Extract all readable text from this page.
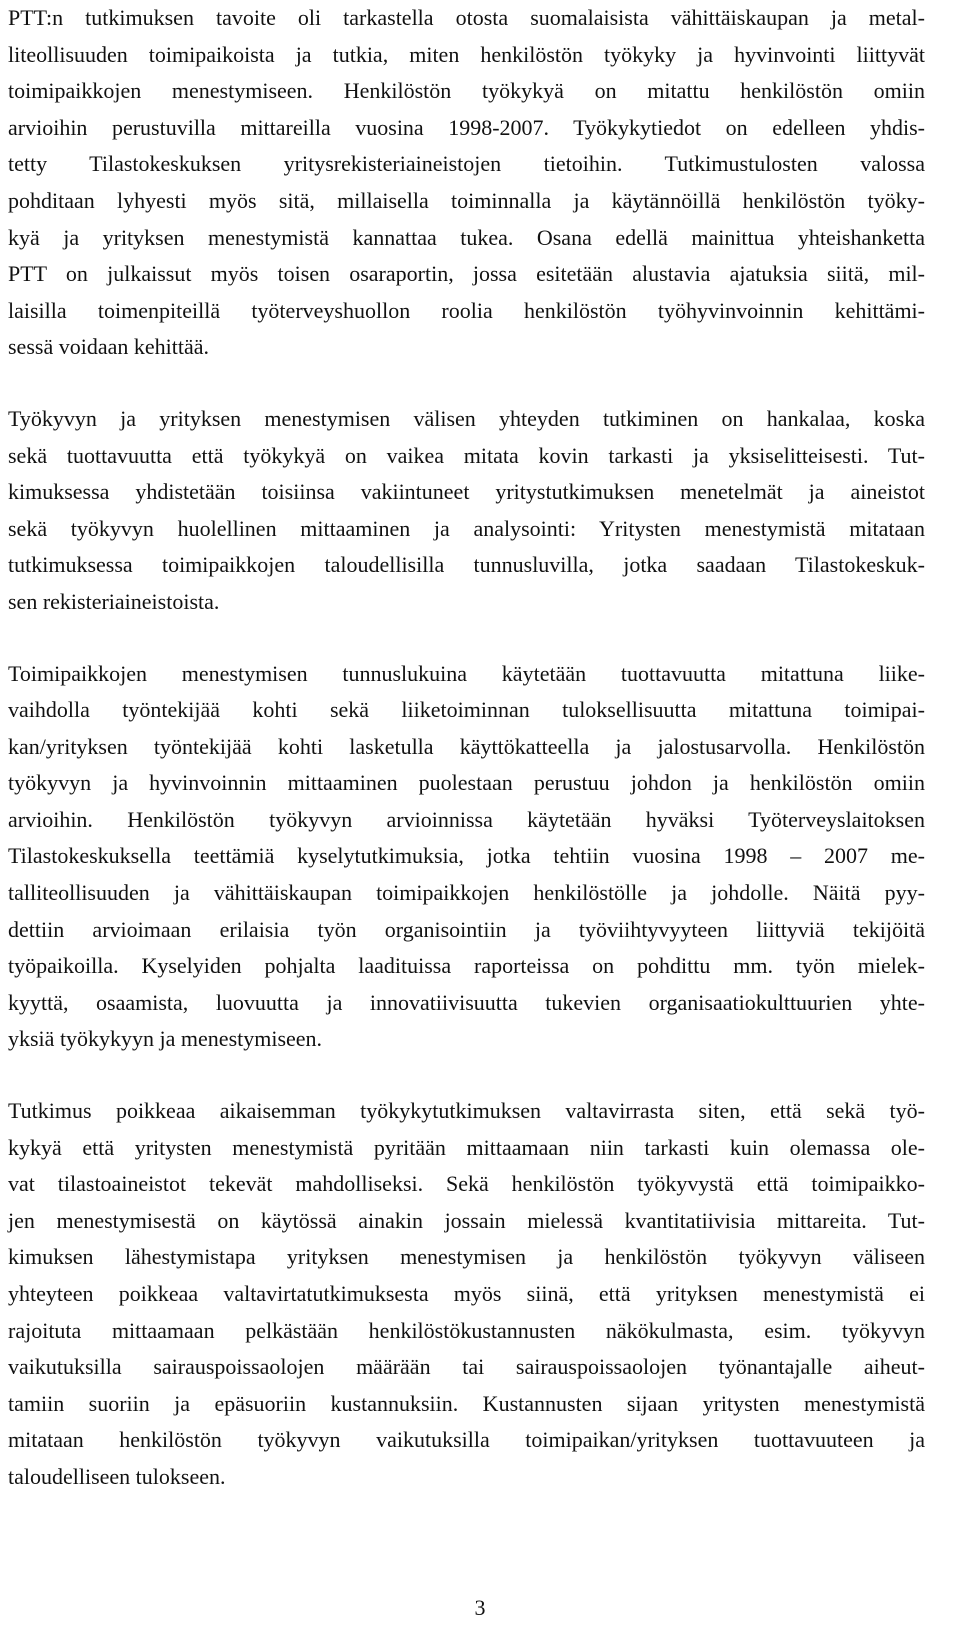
PTT:n tutkimuksen tavoite oli tarkastella otosta suomalaisista vähittäiskaupan ja metal-
liteollisuuden toimipaikoista ja tutkia, miten henkilöstön työkyky ja hyvinvointi liittyvät
toimipaikkojen menestymiseen. Henkilöstön työkykyä on mitattu henkilöstön omiin
arvioihin perustuvilla mittareilla vuosina 1998-2007. Työkykytiedot on edelleen yhdis-
tetty Tilastokeskuksen yritysrekisteriaineistojen tietoihin. Tutkimustulosten valossa
pohditaan lyhyesti myös sitä, millaisella toiminnalla ja käytännöillä henkilöstön työky-
kyä ja yrityksen menestymistä kannattaa tukea. Osana edellä mainittua yhteishanketta
PTT on julkaissut myös toisen osaraportin, jossa esitetään alustavia ajatuksia siitä, mil-
laisilla toimenpiteillä työterveyshuollon roolia henkilöstön työhyvinvoinnin kehittämi-
sessä voidaan kehittää.
Työkyvyn ja yrityksen menestymisen välisen yhteyden tutkiminen on hankalaa, koska
sekä tuottavuutta että työkykyä on vaikea mitata kovin tarkasti ja yksiselitteisesti. Tut-
kimuksessa yhdistetään toisiinsa vakiintuneet yritystutkimuksen menetelmät ja aineistot
sekä työkyvyn huolellinen mittaaminen ja analysointi: Yritysten menestymistä mitataan
tutkimuksessa toimipaikkojen taloudellisilla tunnusluvilla, jotka saadaan Tilastokeskuk-
sen rekisteriaineistoista.
Toimipaikkojen menestymisen tunnuslukuina käytetään tuottavuutta mitattuna liike-
vaihdolla työntekijää kohti sekä liiketoiminnan tuloksellisuutta mitattuna toimipai-
kan/yrityksen työntekijää kohti lasketulla käyttökatteella ja jalostusarvolla. Henkilöstön
työkyvyn ja hyvinvoinnin mittaaminen puolestaan perustuu johdon ja henkilöstön omiin
arvioihin. Henkilöstön työkyvyn arvioinnissa käytetään hyväksi Työterveyslaitoksen
Tilastokeskuksella teettämiä kyselytutkimuksia, jotka tehtiin vuosina 1998 – 2007 me-
talliteollisuuden ja vähittäiskaupan toimipaikkojen henkilöstölle ja johdolle. Näitä pyy-
dettiin arvioimaan erilaisia työn organisointiin ja työviihtyvyyteen liittyviä tekijöitä
työpaikoilla. Kyselyiden pohjalta laadituissa raporteissa on pohdittu mm. työn mielek-
kyyttä, osaamista, luovuutta ja innovatiivisuutta tukevien organisaatiokulttuurien yhte-
yksiä työkykyyn ja menestymiseen.
Tutkimus poikkeaa aikaisemman työkykytutkimuksen valtavirrasta siten, että sekä työ-
kykyä että yritysten menestymistä pyritään mittaamaan niin tarkasti kuin olemassa ole-
vat tilastoaineistot tekevät mahdolliseksi. Sekä henkilöstön työkyvystä että toimipaikko-
jen menestymisestä on käytössä ainakin jossain mielessä kvantitatiivisia mittareita. Tut-
kimuksen lähestymistapa yrityksen menestymisen ja henkilöstön työkyvyn väliseen
yhteyteen poikkeaa valtavirtatutkimuksesta myös siinä, että yrityksen menestymistä ei
rajoituta mittaamaan pelkästään henkilöstökustannusten näkökulmasta, esim. työkyvyn
vaikutuksilla sairauspoissaolojen määrään tai sairauspoissaolojen työnantajalle aiheut-
tamiin suoriin ja epäsuoriin kustannuksiin. Kustannusten sijaan yritysten menestymistä
mitataan henkilöstön työkyvyn vaikutuksilla toimipaikan/yrityksen tuottavuuteen ja
taloudelliseen tulokseen.
3
